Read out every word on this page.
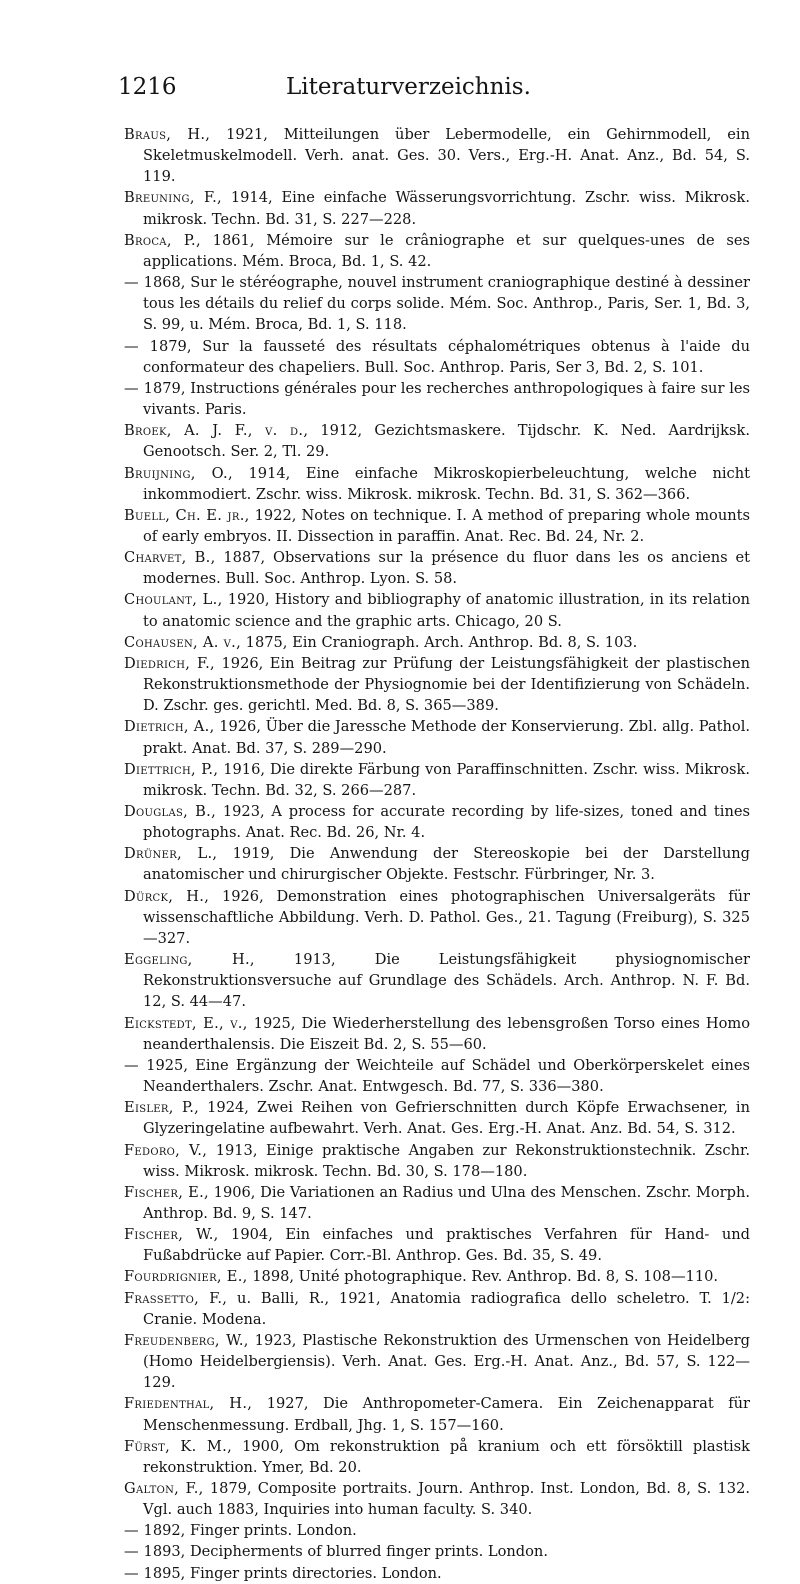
1216	Literaturverzeichnis.

Braus, H., 1921, Mitteilungen über Lebermodelle, ein Gehirnmodell, ein Skeletmuskelmodell. Verh. anat. Ges. 30. Vers., Erg.-H. Anat. Anz., Bd. 54, S. 119.

Breuning, F., 1914, Eine einfache Wässerungsvorrichtung. Zschr. wiss. Mikrosk. mikrosk. Techn. Bd. 31, S. 227—228.

Broca, P., 1861, Mémoire sur le crâniographe et sur quelques-unes de ses applications. Mém. Broca, Bd. 1, S. 42.

— 1868, Sur le stéréographe, nouvel instrument craniographique destiné à dessiner tous les détails du relief du corps solide. Mém. Soc. Anthrop., Paris, Ser. 1, Bd. 3, S. 99, u. Mém. Broca, Bd. 1, S. 118.

— 1879, Sur la fausseté des résultats céphalométriques obtenus à l'aide du conformateur des chapeliers. Bull. Soc. Anthrop. Paris, Ser 3, Bd. 2, S. 101.

— 1879, Instructions générales pour les recherches anthropologiques à faire sur les vivants. Paris.

Broek, A. J. F., v. d., 1912, Gezichtsmaskere. Tijdschr. K. Ned. Aardrijksk. Genootsch. Ser. 2, Tl. 29.

Bruijning, O., 1914, Eine einfache Mikroskopierbeleuchtung, welche nicht inkommodiert. Zschr. wiss. Mikrosk. mikrosk. Techn. Bd. 31, S. 362—366.

Buell, Ch. E. jr., 1922, Notes on technique. I. A method of preparing whole mounts of early embryos. II. Dissection in paraffin. Anat. Rec. Bd. 24, Nr. 2.

Charvet, B., 1887, Observations sur la présence du fluor dans les os anciens et modernes. Bull. Soc. Anthrop. Lyon. S. 58.

Choulant, L., 1920, History and bibliography of anatomic illustration, in its relation to anatomic science and the graphic arts. Chicago, 20 S.

Cohausen, A. v., 1875, Ein Craniograph. Arch. Anthrop. Bd. 8, S. 103.

Diedrich, F., 1926, Ein Beitrag zur Prüfung der Leistungsfähigkeit der plastischen Rekonstruktionsmethode der Physiognomie bei der Identifizierung von Schädeln. D. Zschr. ges. gerichtl. Med. Bd. 8, S. 365—389.

Dietrich, A., 1926, Über die Jaressche Methode der Konservierung. Zbl. allg. Pathol. prakt. Anat. Bd. 37, S. 289—290.

Diettrich, P., 1916, Die direkte Färbung von Paraffinschnitten. Zschr. wiss. Mikrosk. mikrosk. Techn. Bd. 32, S. 266—287.

Douglas, B., 1923, A process for accurate recording by life-sizes, toned and tines photographs. Anat. Rec. Bd. 26, Nr. 4.

Drüner, L., 1919, Die Anwendung der Stereoskopie bei der Darstellung anatomischer und chirurgischer Objekte. Festschr. Fürbringer, Nr. 3.

Dürck, H., 1926, Demonstration eines photographischen Universalgeräts für wissenschaftliche Abbildung. Verh. D. Pathol. Ges., 21. Tagung (Freiburg), S. 325—327.

Eggeling, H., 1913, Die Leistungsfähigkeit physiognomischer Rekonstruktionsversuche auf Grundlage des Schädels. Arch. Anthrop. N. F. Bd. 12, S. 44—47.

Eickstedt, E., v., 1925, Die Wiederherstellung des lebensgroßen Torso eines Homo neanderthalensis. Die Eiszeit Bd. 2, S. 55—60.

— 1925, Eine Ergänzung der Weichteile auf Schädel und Oberkörperskelet eines Neanderthalers. Zschr. Anat. Entwgesch. Bd. 77, S. 336—380.

Eisler, P., 1924, Zwei Reihen von Gefrierschnitten durch Köpfe Erwachsener, in Glyzeringelatine aufbewahrt. Verh. Anat. Ges. Erg.-H. Anat. Anz. Bd. 54, S. 312.

Fedoro, V., 1913, Einige praktische Angaben zur Rekonstruktionstechnik. Zschr. wiss. Mikrosk. mikrosk. Techn. Bd. 30, S. 178—180.

Fischer, E., 1906, Die Variationen an Radius und Ulna des Menschen. Zschr. Morph. Anthrop. Bd. 9, S. 147.

Fischer, W., 1904, Ein einfaches und praktisches Verfahren für Hand- und Fußabdrücke auf Papier. Corr.-Bl. Anthrop. Ges. Bd. 35, S. 49.

Fourdrignier, E., 1898, Unité photographique. Rev. Anthrop. Bd. 8, S. 108—110.

Frassetto, F., u. Balli, R., 1921, Anatomia radiografica dello scheletro. T. 1/2: Cranie. Modena.

Freudenberg, W., 1923, Plastische Rekonstruktion des Urmenschen von Heidelberg (Homo Heidelbergiensis). Verh. Anat. Ges. Erg.-H. Anat. Anz., Bd. 57, S. 122—129.

Friedenthal, H., 1927, Die Anthropometer-Camera. Ein Zeichenapparat für Menschenmessung. Erdball, Jhg. 1, S. 157—160.

Fürst, K. M., 1900, Om rekonstruktion på kranium och ett försöktill plastisk rekonstruktion. Ymer, Bd. 20.

Galton, F., 1879, Composite portraits. Journ. Anthrop. Inst. London, Bd. 8, S. 132. Vgl. auch 1883, Inquiries into human faculty. S. 340.

— 1892, Finger prints. London.

— 1893, Decipherments of blurred finger prints. London.

— 1895, Finger prints directories. London.
